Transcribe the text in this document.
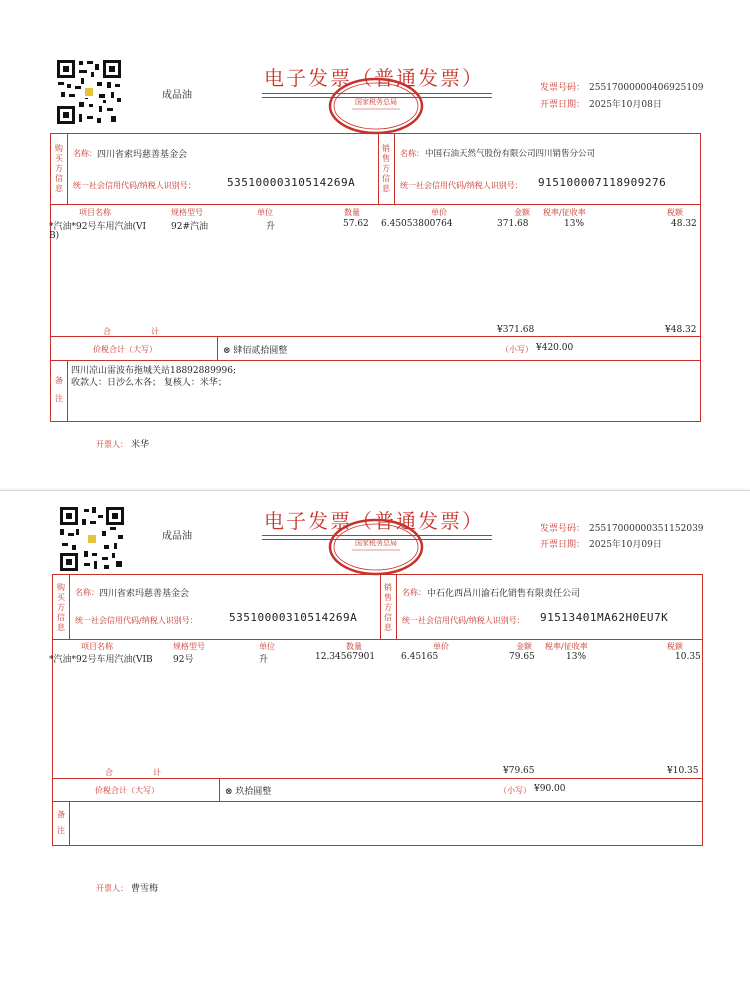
成品油
电子发票（普通发票）
国家税务总局
·
发票号码： 25517000000406925109
开票日期： 2025年10月08日
购买方信息
销售方信息
名称： 四川省索玛慈善基金会
统一社会信用代码/纳税人识别号：	53510000310514269A
名称： 中国石油天然气股份有限公司四川销售分公司
统一社会信用代码/纳税人识别号： 915100007118909276
项目名称	规格型号	单位	数量	单价	金额 税率/征收率	税额
*汽油*92号车用汽油(VI
B)
92#汽油	升	57.62 6.45053800764	371.68	13%	48.32
合计	¥371.68	¥48.32
价税合计（大写）	⊗ 肆佰贰拾圆整	（小写） ¥420.00
备注
四川凉山雷波布拖城关站18892889996;
收款人：日沙么木各； 复核人：米华；
开票人： 米华
成品油
电子发票（普通发票）
国家税务总局
发票号码： 25517000000351152039
开票日期： 2025年10月09日
购买方信息
销售方信息
名称： 四川省索玛慈善基金会
统一社会信用代码/纳税人识别号：	53510000310514269A
名称： 中石化西昌川渝石化销售有限责任公司
统一社会信用代码/纳税人识别号： 91513401MA62H0EU7K
项目名称	规格型号	单位	数量	单价	金额 税率/征收率	税额
*汽油*92号车用汽油(VIB 92号	升	12.34567901	6.45165	79.65	13%	10.35
合计	¥79.65	¥10.35
价税合计（大写）	⊗ 玖拾圆整	（小写） ¥90.00
备注
开票人： 曹雪梅
